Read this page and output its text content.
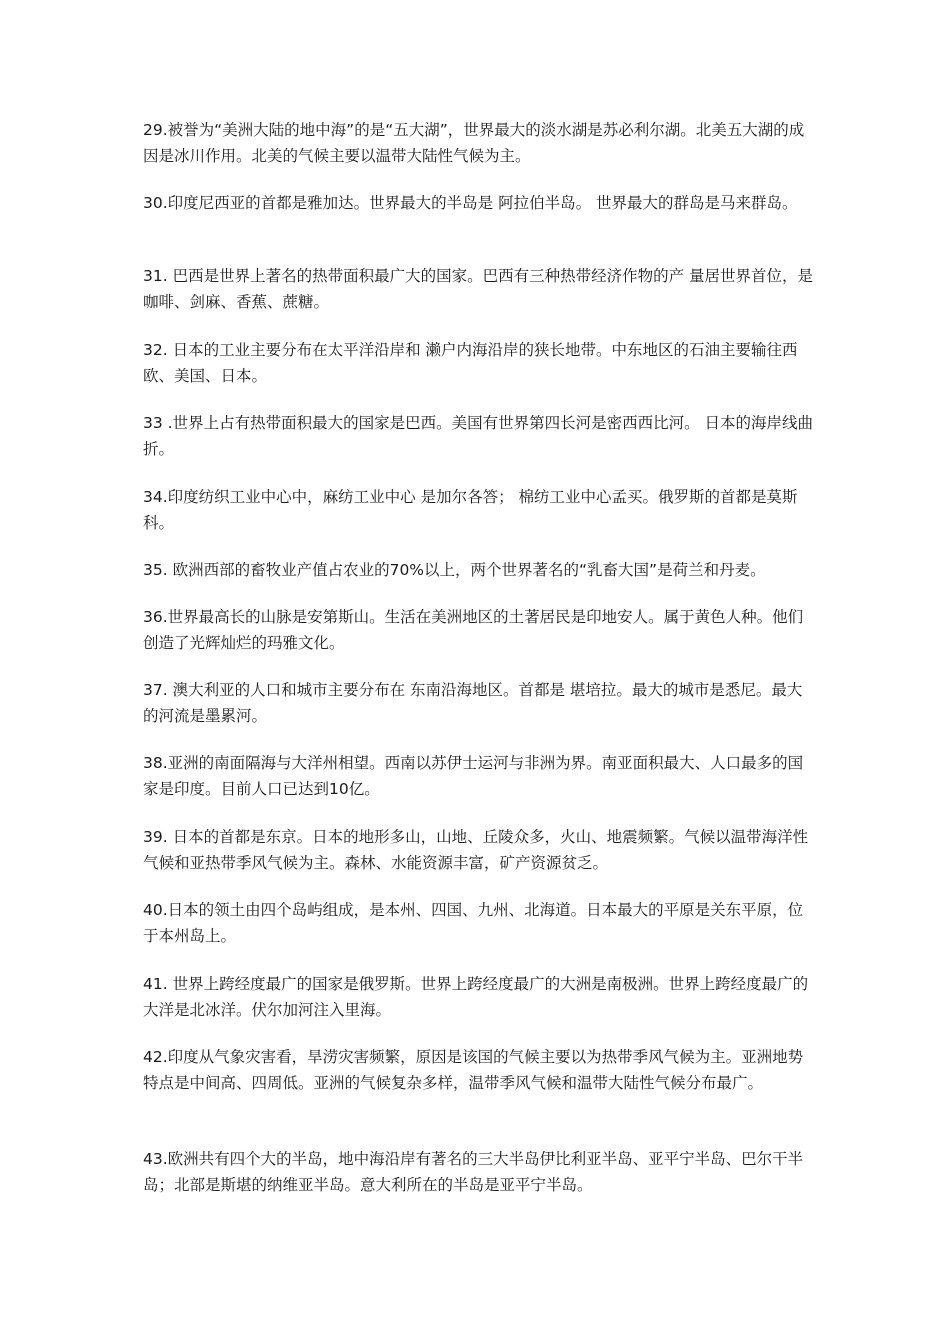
29.被誉为“美洲大陆的地中海”的是“五大湖”，世界最大的淡水湖是苏必利尔湖。北美五大湖的成因是冰川作用。北美的气候主要以温带大陆性气候为主。

30.印度尼西亚的首都是雅加达。世界最大的半岛是 阿拉伯半岛。 世界最大的群岛是马来群岛。

31. 巴西是世界上著名的热带面积最广大的国家。巴西有三种热带经济作物的产 量居世界首位，是咖啡、剑麻、香蕉、蔗糖。

32. 日本的工业主要分布在太平洋沿岸和 濑户内海沿岸的狭长地带。中东地区的石油主要输往西欧、美国、日本。

33 .世界上占有热带面积最大的国家是巴西。美国有世界第四长河是密西西比河。 日本的海岸线曲折。

34.印度纺织工业中心中，麻纺工业中心 是加尔各答； 棉纺工业中心孟买。俄罗斯的首都是莫斯科。

35. 欧洲西部的畜牧业产值占农业的70%以上，两个世界著名的“乳畜大国”是荷兰和丹麦。

36.世界最高长的山脉是安第斯山。生活在美洲地区的土著居民是印地安人。属于黄色人种。他们创造了光辉灿烂的玛雅文化。

37. 澳大利亚的人口和城市主要分布在 东南沿海地区。首都是 堪培拉。最大的城市是悉尼。最大的河流是墨累河。

38.亚洲的南面隔海与大洋州相望。西南以苏伊士运河与非洲为界。南亚面积最大、人口最多的国家是印度。目前人口已达到10亿。

39. 日本的首都是东京。日本的地形多山，山地、丘陵众多，火山、地震频繁。气候以温带海洋性气候和亚热带季风气候为主。森林、水能资源丰富，矿产资源贫乏。

40.日本的领土由四个岛屿组成，是本州、四国、九州、北海道。日本最大的平原是关东平原，位于本州岛上。

41. 世界上跨经度最广的国家是俄罗斯。世界上跨经度最广的大洲是南极洲。世界上跨经度最广的大洋是北冰洋。伏尔加河注入里海。

42.印度从气象灾害看，旱涝灾害频繁，原因是该国的气候主要以为热带季风气候为主。亚洲地势特点是中间高、四周低。亚洲的气候复杂多样，温带季风气候和温带大陆性气候分布最广。

43.欧洲共有四个大的半岛，地中海沿岸有著名的三大半岛伊比利亚半岛、亚平宁半岛、巴尔干半岛；北部是斯堪的纳维亚半岛。意大利所在的半岛是亚平宁半岛。
